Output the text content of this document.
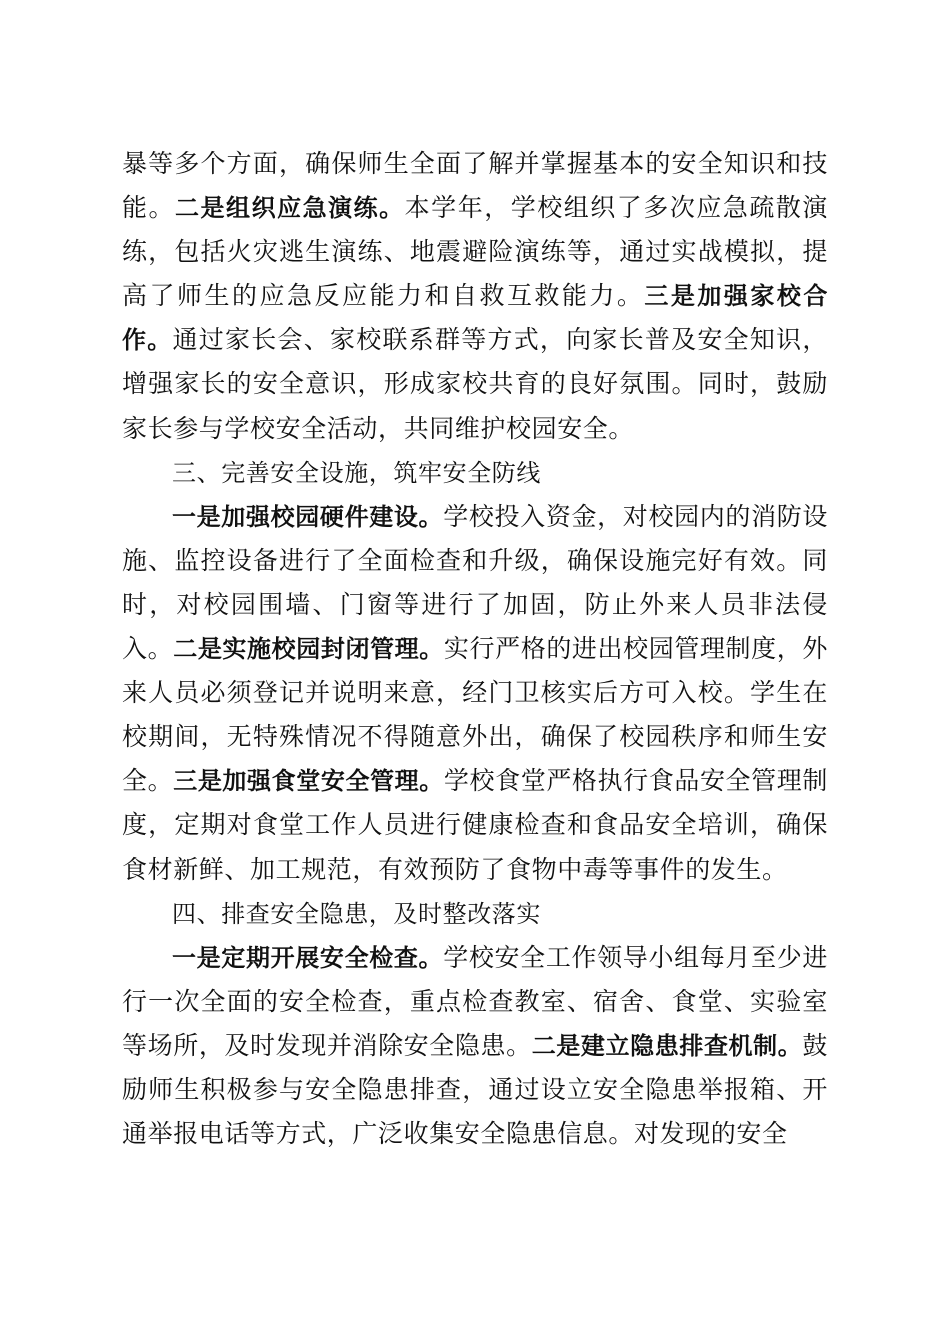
暴等多个方面，确保师生全面了解并掌握基本的安全知识和技能。二是组织应急演练。本学年，学校组织了多次应急疏散演练，包括火灾逃生演练、地震避险演练等，通过实战模拟，提高了师生的应急反应能力和自救互救能力。三是加强家校合作。通过家长会、家校联系群等方式，向家长普及安全知识，增强家长的安全意识，形成家校共育的良好氛围。同时，鼓励家长参与学校安全活动，共同维护校园安全。

三、完善安全设施，筑牢安全防线

一是加强校园硬件建设。学校投入资金，对校园内的消防设施、监控设备进行了全面检查和升级，确保设施完好有效。同时，对校园围墙、门窗等进行了加固，防止外来人员非法侵入。二是实施校园封闭管理。实行严格的进出校园管理制度，外来人员必须登记并说明来意，经门卫核实后方可入校。学生在校期间，无特殊情况不得随意外出，确保了校园秩序和师生安全。三是加强食堂安全管理。学校食堂严格执行食品安全管理制度，定期对食堂工作人员进行健康检查和食品安全培训，确保食材新鲜、加工规范，有效预防了食物中毒等事件的发生。

四、排查安全隐患，及时整改落实

一是定期开展安全检查。学校安全工作领导小组每月至少进行一次全面的安全检查，重点检查教室、宿舍、食堂、实验室等场所，及时发现并消除安全隐患。二是建立隐患排查机制。鼓励师生积极参与安全隐患排查，通过设立安全隐患举报箱、开通举报电话等方式，广泛收集安全隐患信息。对发现的安全
